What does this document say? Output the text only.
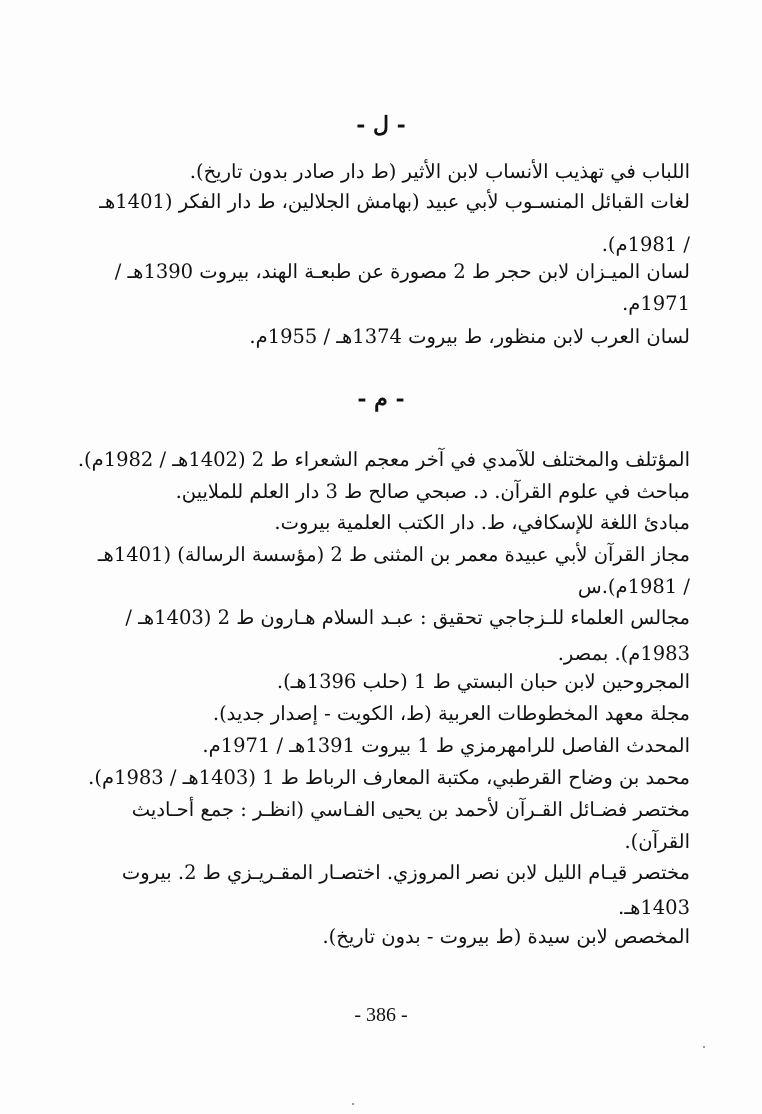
- ل -
اللباب في تهذيب الأنساب لابن الأثير (ط دار صادر بدون تاريخ).
لغات القبائل المنسـوب لأبي عبيد (بهامش الجلالين، ط دار الفكر (1401هـ
/ 1981م).
لسان الميـزان لابن حجر ط 2 مصورة عن طبعـة الهند، بيروت 1390هـ /
1971م.
لسان العرب لابن منظور، ط بيروت 1374هـ / 1955م.
- م -
المؤتلف والمختلف للآمدي في آخر معجم الشعراء ط 2 (1402هـ / 1982م).
مباحث في علوم القرآن. د. صبحي صالح ط 3 دار العلم للملايين.
مبادئ اللغة للإسكافي، ط. دار الكتب العلمية بيروت.
مجاز القرآن لأبي عبيدة معمر بن المثنى ط 2 (مؤسسة الرسالة) (1401هـ
/ 1981م).س
مجالس العلماء للـزجاجي تحقيق : عبـد السلام هـارون ط 2 (1403هـ /
1983م). بمصر.
المجروحين لابن حبان البستي ط 1 (حلب 1396هـ).
مجلة معهد المخطوطات العربية (ط، الكويت - إصدار جديد).
المحدث الفاصل للرامهرمزي ط 1 بيروت 1391هـ / 1971م.
محمد بن وضاح القرطبي، مكتبة المعارف الرباط ط 1 (1403هـ / 1983م).
مختصر فضـائل القـرآن لأحمد بن يحيى الفـاسي (انظـر : جمع أحـاديث
القرآن).
مختصر قيـام الليل لابن نصر المروزي. اختصـار المقـريـزي ط 2. بيروت
1403هـ.
المخصص لابن سيدة (ط بيروت - بدون تاريخ).
- 386 -
